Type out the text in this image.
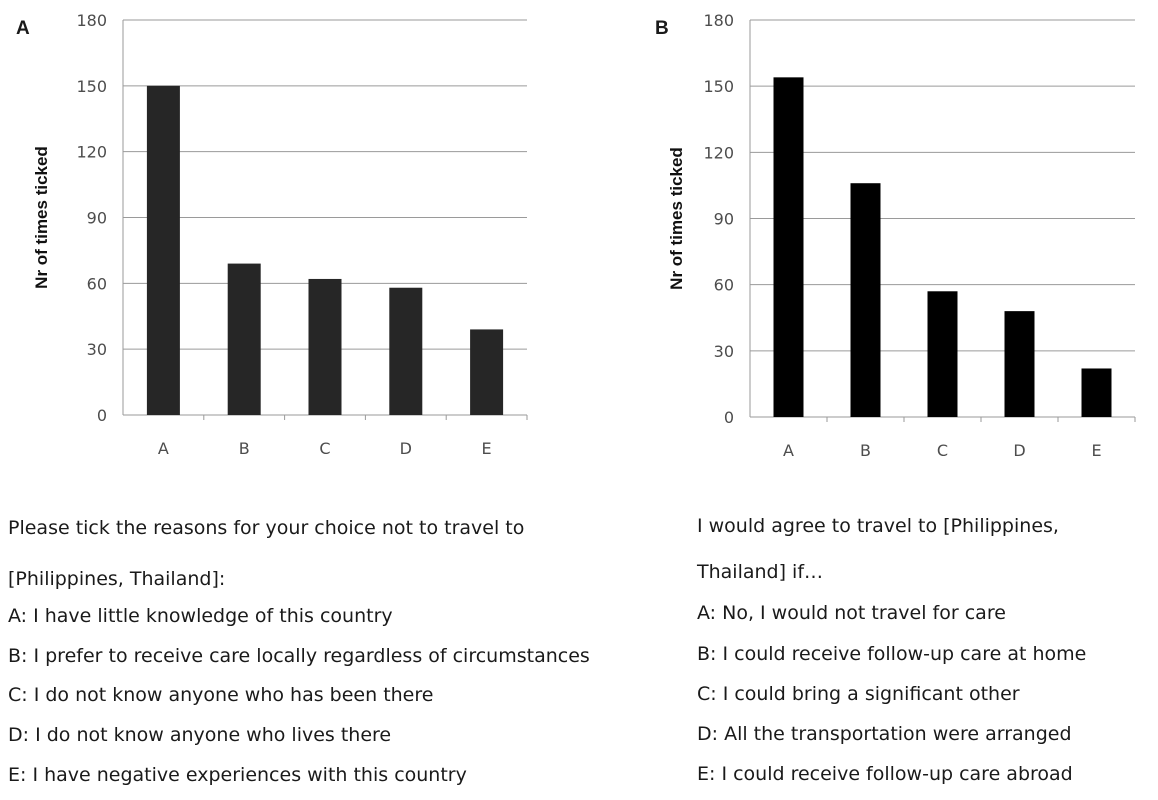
A	B
0
30
60
90
120
150
180
A	B	C	D	E
Nr of times ticked
0
30
60
90
120
150
180
A	B	C	D	E
Nr of times ticked
Please tick the reasons for your choice not to travel to
[Philippines, Thailand]:
A: I have little knowledge of this country
B: I prefer to receive care locally regardless of circumstances
C: I do not know anyone who has been there
D: I do not know anyone who lives there
E: I have negative experiences with this country
I would agree to travel to [Philippines,
Thailand] if…
A: No, I would not travel for care
B: I could receive follow-up care at home
C: I could bring a significant other
D: All the transportation were arranged
E: I could receive follow-up care abroad
